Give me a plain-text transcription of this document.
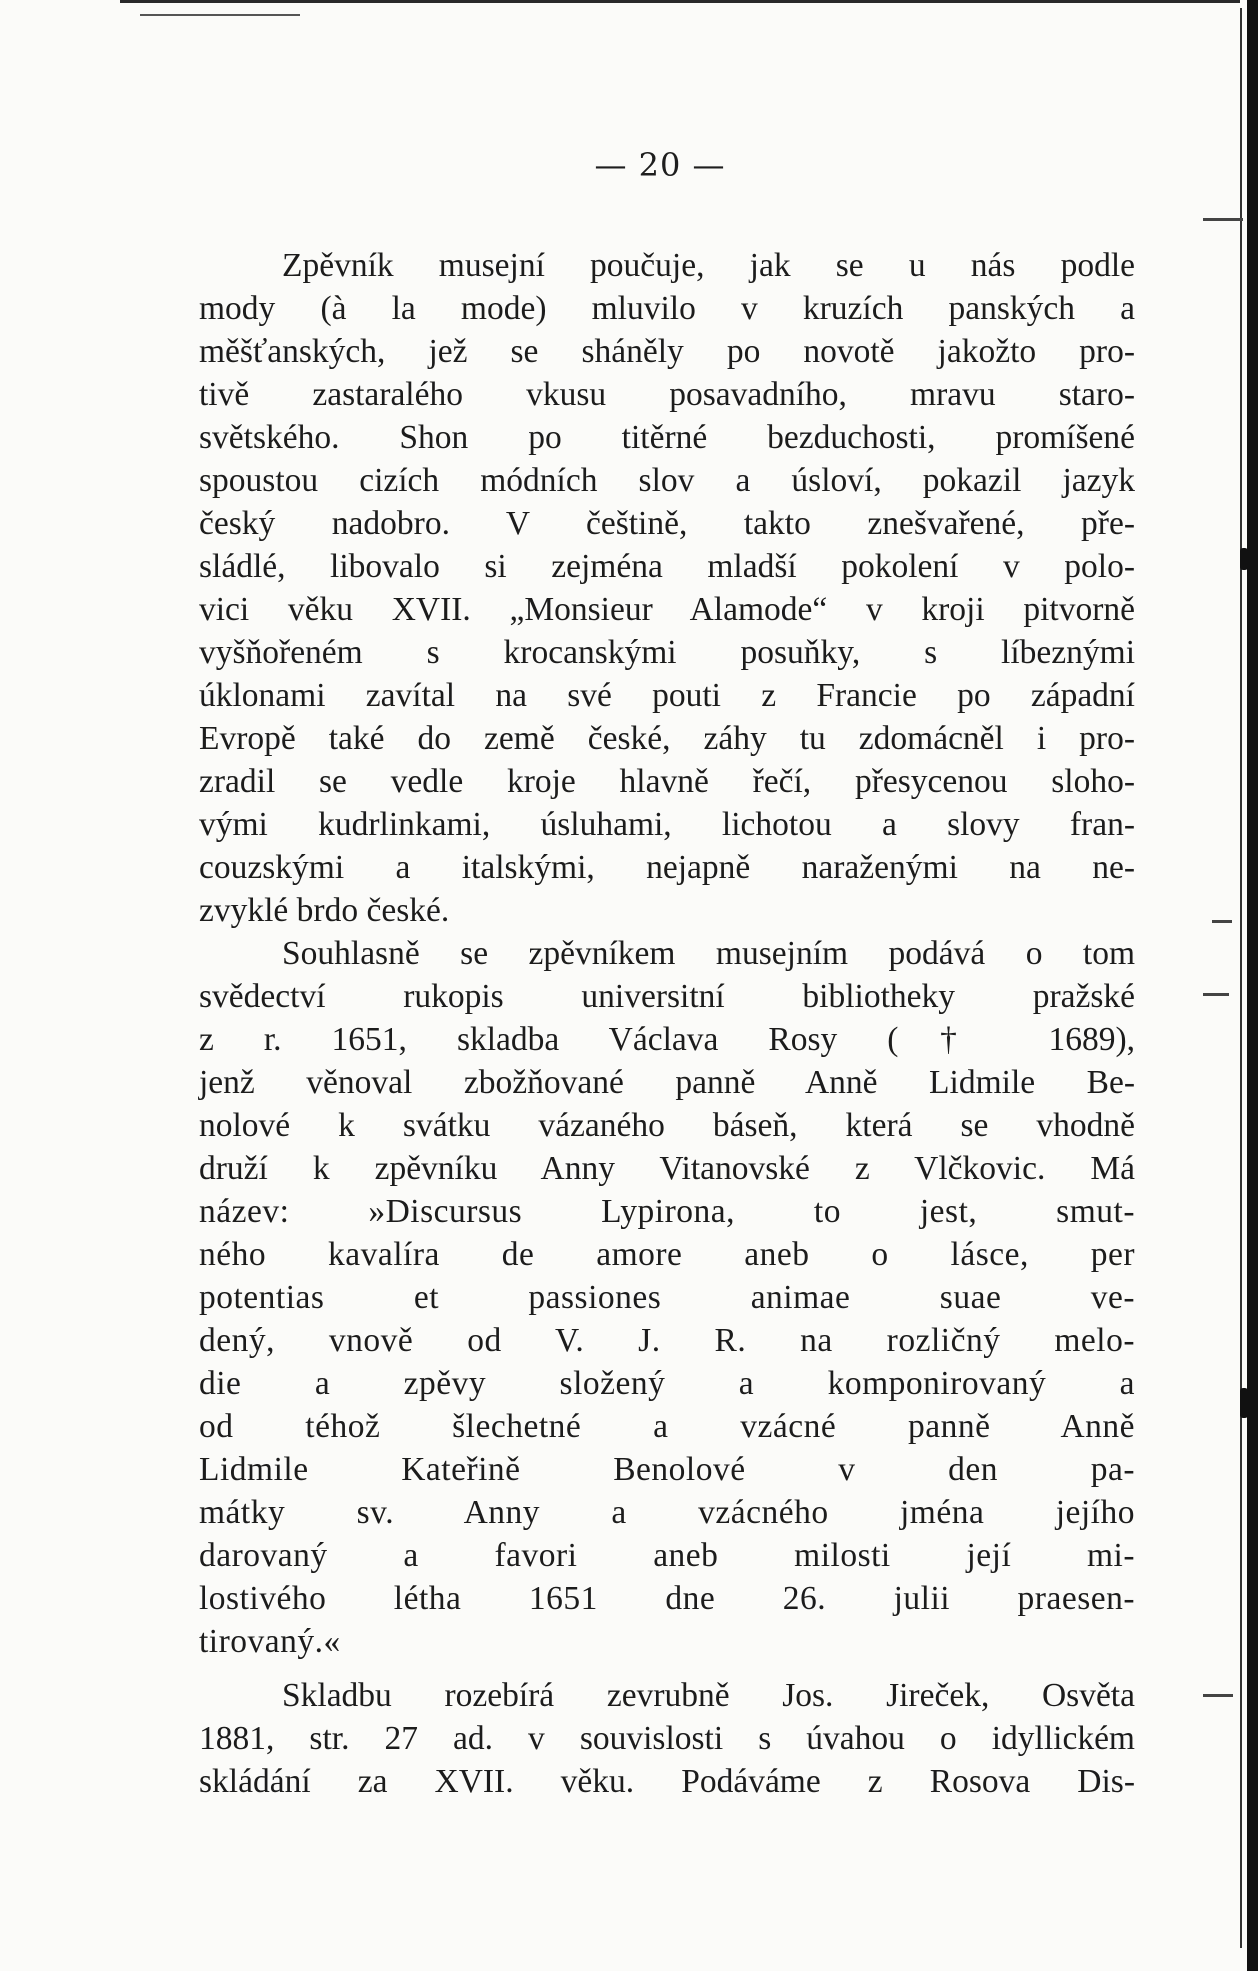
— 20 —
Zpěvník musejní poučuje, jak se u nás podle
mody (à la mode) mluvilo v kruzích panských a
měšťanských, jež se sháněly po novotě jakožto pro-
tivě zastaralého vkusu posavadního, mravu staro-
světského. Shon po titěrné bezduchosti, promíšené
spoustou cizích módních slov a úsloví, pokazil jazyk
český nadobro. V češtině, takto znešvařené, pře-
sládlé, libovalo si zejména mladší pokolení v polo-
vici věku XVII. „Monsieur Alamode“ v kroji pitvorně
vyšňořeném s krocanskými posuňky, s líbeznými
úklonami zavítal na své pouti z Francie po západní
Evropě také do země české, záhy tu zdomácněl i pro-
zradil se vedle kroje hlavně řečí, přesycenou sloho-
vými kudrlinkami, úsluhami, lichotou a slovy fran-
couzskými a italskými, nejapně naraženými na ne-
zvyklé brdo české.
Souhlasně se zpěvníkem musejním podává o tom
svědectví rukopis universitní bibliotheky pražské
z r. 1651, skladba Václava Rosy († 1689),
jenž věnoval zbožňované panně Anně Lidmile Be-
nolové k svátku vázaného báseň, která se vhodně
druží k zpěvníku Anny Vitanovské z Vlčkovic. Má
název: »Discursus Lypirona, to jest, smut-
ného kavalíra de amore aneb o lásce, per
potentias et passiones animae suae ve-
dený, vnově od V. J. R. na rozličný melo-
die a zpěvy složený a komponirovaný a
od téhož šlechetné a vzácné panně Anně
Lidmile Kateřině Benolové v den pa-
mátky sv. Anny a vzácného jména jejího
darovaný a favori aneb milosti její mi-
lostivého létha 1651 dne 26. julii praesen-
tirovaný.«
Skladbu rozebírá zevrubně Jos. Jireček, Osvěta
1881, str. 27 ad. v souvislosti s úvahou o idyllickém
skládání za XVII. věku. Podáváme z Rosova Dis-
